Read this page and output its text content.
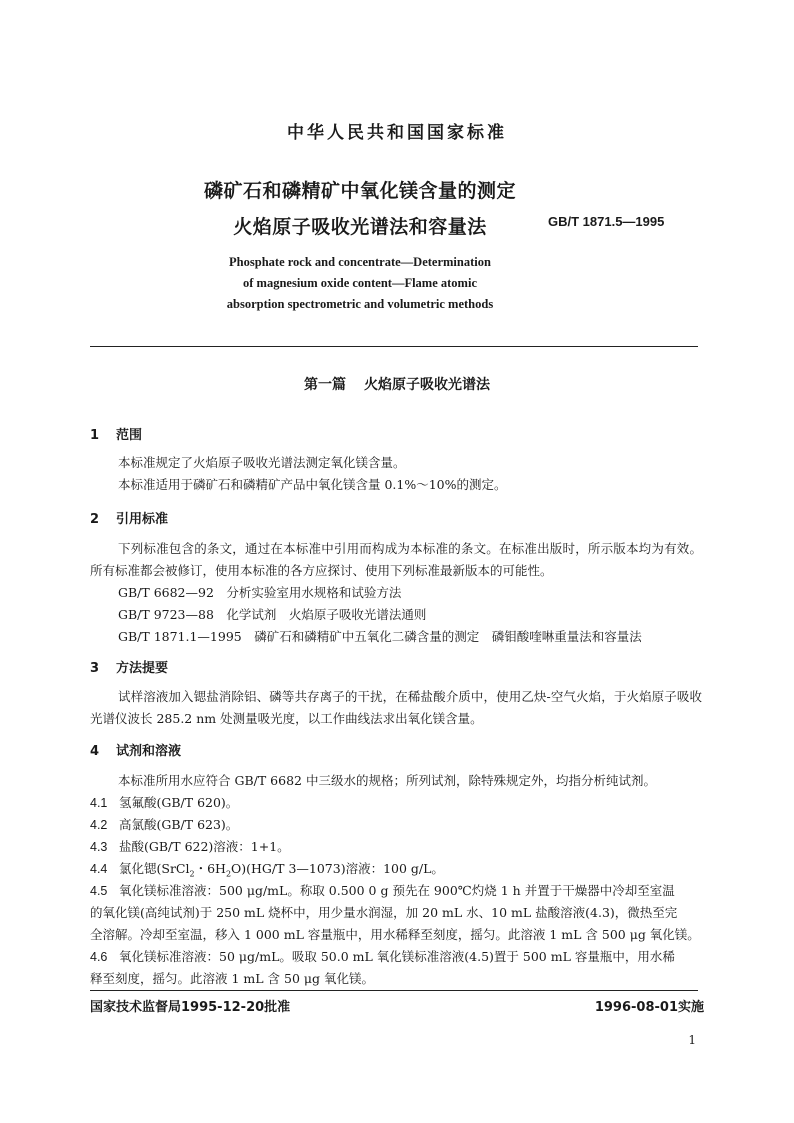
中华人民共和国国家标准
磷矿石和磷精矿中氧化镁含量的测定
火焰原子吸收光谱法和容量法	GB/T 1871.5—1995
Phosphate rock and concentrate—Determination
of magnesium oxide content—Flame atomic
absorption spectrometric and volumetric methods
第一篇 火焰原子吸收光谱法
1 范围
本标准规定了火焰原子吸收光谱法测定氧化镁含量。
本标准适用于磷矿石和磷精矿产品中氧化镁含量 0.1%～10%的测定。
2 引用标准
下列标准包含的条文，通过在本标准中引用而构成为本标准的条文。在标准出版时，所示版本均为有效。所有标准都会被修订，使用本标准的各方应探讨、使用下列标准最新版本的可能性。
GB/T 6682—92　分析实验室用水规格和试验方法
GB/T 9723—88　化学试剂　火焰原子吸收光谱法通则
GB/T 1871.1—1995　磷矿石和磷精矿中五氧化二磷含量的测定　磷钼酸喹啉重量法和容量法
3 方法提要
试样溶液加入锶盐消除铝、磷等共存离子的干扰，在稀盐酸介质中，使用乙炔-空气火焰，于火焰原子吸收光谱仪波长 285.2 nm 处测量吸光度，以工作曲线法求出氧化镁含量。
4 试剂和溶液
本标准所用水应符合 GB/T 6682 中三级水的规格；所列试剂，除特殊规定外，均指分析纯试剂。
4.1 氢氟酸(GB/T 620)。
4.2 高氯酸(GB/T 623)。
4.3 盐酸(GB/T 622)溶液：1+1。
4.4 氯化锶(SrCl$_2$・$6H_2O)(HG/T$ 3—1073)溶液：100 g/L。
4.5 氧化镁标准溶液：500 μg/mL。称取 0.500 0 g 预先在 900℃灼烧 1 h 并置于干燥器中冷却至室温
的氧化镁(高纯试剂)于 250 mL 烧杯中，用少量水润湿，加 20 mL 水、10 mL 盐酸溶液(4.3)，微热至完
全溶解。冷却至室温，移入 1 000 mL 容量瓶中，用水稀释至刻度，摇匀。此溶液 1 mL 含 500 μg 氧化镁。
4.6 氧化镁标准溶液：50 μg/mL。吸取 50.0 mL 氧化镁标准溶液(4.5)置于 500 mL 容量瓶中，用水稀
释至刻度，摇匀。此溶液 1 mL 含 50 μg 氧化镁。
国家技术监督局1995-12-20批准	1996-08-01实施
1
